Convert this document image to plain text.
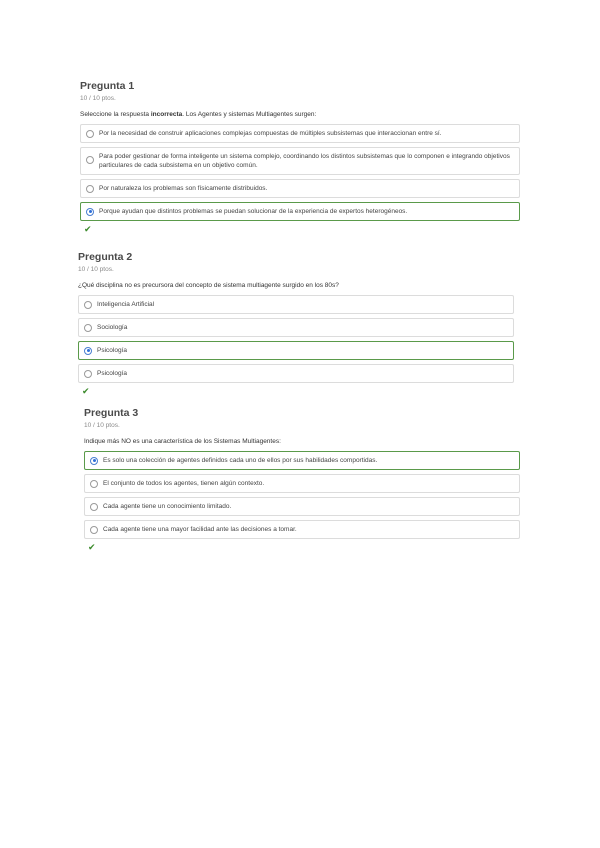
Pregunta 1
10 / 10 ptos.
Seleccione la respuesta incorrecta. Los Agentes y sistemas Multiagentes surgen:
Por la necesidad de construir aplicaciones complejas compuestas de múltiples subsistemas que interaccionan entre sí.
Para poder gestionar de forma inteligente un sistema complejo, coordinando los distintos subsistemas que lo componen e integrando objetivos particulares de cada subsistema en un objetivo común.
Por naturaleza los problemas son físicamente distribuidos.
Porque ayudan que distintos problemas se puedan solucionar de la experiencia de expertos heterogéneos.
✔
Pregunta 2
10 / 10 ptos.
¿Qué disciplina no es precursora del concepto de sistema multiagente surgido en los 80s?
Inteligencia Artificial
Sociología
Psicología
Psicología
✔
Pregunta 3
10 / 10 ptos.
Indique más NO es una característica de los Sistemas Multiagentes:
Es solo una colección de agentes definidos cada uno de ellos por sus habilidades comportidas.
El conjunto de todos los agentes, tienen algún contexto.
Cada agente tiene un conocimiento limitado.
Cada agente tiene una mayor facilidad ante las decisiones a tomar.
✔
